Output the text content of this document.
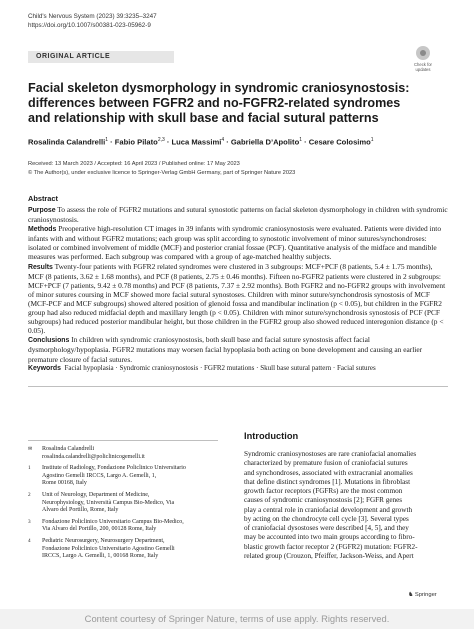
Child's Nervous System (2023) 39:3235–3247
https://doi.org/10.1007/s00381-023-05962-9
ORIGINAL ARTICLE
Check for
updates
Facial skeleton dysmorphology in syndromic craniosynostosis:
differences between FGFR2 and no-FGFR2-related syndromes
and relationship with skull base and facial sutural patterns
Rosalinda Calandrelli$^1$ · Fabio Pilato$^{2,3}$ · Luca Massimi$^4$ · Gabriella D’Apolito$^1$ · Cesare Colosimo$^1$
Received: 13 March 2023 / Accepted: 16 April 2023 / Published online: 17 May 2023
© The Author(s), under exclusive licence to Springer-Verlag GmbH Germany, part of Springer Nature 2023
Abstract

Purpose To assess the role of FGFR2 mutations and sutural synostotic patterns on facial skeleton dysmorphology in children with syndromic craniosynostosis.

Methods Preoperative high-resolution CT images in 39 infants with syndromic craniosynostosis were evaluated. Patients were divided into infants with and without FGFR2 mutations; each group was split according to synostotic involvement of minor sutures/synchondroses: isolated or combined involvement of middle (MCF) and posterior cranial fossae (PCF). Quantitative analysis of the midface and mandible measures was performed. Each subgroup was compared with a group of age-matched healthy subjects.

Results Twenty-four patients with FGFR2 related syndromes were clustered in 3 subgroups: MCF+PCF (8 patients, 5.4 ± 1.75 months), MCF (8 patients, 3.62 ± 1.68 months), and PCF (8 patients, 2.75 ± 0.46 months). Fifteen no-FGFR2 patients were clustered in 2 subgroups: MCF+PCF (7 patients, 9.42 ± 0.78 months) and PCF (8 patients, 7.37 ± 2.92 months). Both FGFR2 and no-FGFR2 groups with involvement of minor sutures coursing in MCF showed more facial sutural synostoses. Children with minor suture/synchondrosis synostosis of MCF (MCF-PCF and MCF subgroups) showed altered position of glenoid fossa and mandibular inclination (p < 0.05), but children in the FGFR2 group had also reduced midfacial depth and maxillary length (p < 0.05). Children with minor suture/synchondrosis synostosis of PCF (PCF subgroups) had reduced posterior mandibular height, but those children in the FGFR2 group also showed reduced interegonion distance (p < 0.05).

Conclusions In children with syndromic craniosynostosis, both skull base and facial suture synostosis affect facial dysmorphology/hypoplasia. FGFR2 mutations may worsen facial hypoplasia both acting on bone development and causing an earlier premature closure of facial sutures.

Keywords Facial hypoplasia · Syndromic craniosynostosis · FGFR2 mutations · Skull base sutural pattern · Facial sutures
✉	Rosalinda Calandrelli
rosalinda.calandrelli@policlinicogemelli.it
1	Institute of Radiology, Fondazione Policlinico Universitario
Agostino Gemelli IRCCS, Largo A. Gemelli, 1,
Rome 00168, Italy
2	Unit of Neurology, Department of Medicine,
Neurophysiology, Università Campus Bio-Medico, Via
Alvaro del Portillo, Rome, Italy
3	Fondazione Policlinico Universitario Campus Bio-Medico,
Via Alvaro del Portillo, 200, 00128 Rome, Italy
4	Pediatric Neurosurgery, Neurosurgery Department,
Fondazione Policlinico Universitario Agostino Gemelli
IRCCS, Largo A. Gemelli, 1, 00168 Rome, Italy
Introduction
Syndromic craniosynostoses are rare craniofacial anomalies
characterized by premature fusion of craniofacial sutures
and synchondroses, associated with extracranial anomalies
that define distinct syndromes [1]. Mutations in fibroblast
growth factor receptors (FGFRs) are the most common
causes of syndromic craniosynostosis [2]; FGFR genes
play a central role in craniofacial development and growth
by acting on the chondrocyte cell cycle [3]. Several types
of craniofacial dysostoses were described [4, 5], and they
may be accounted into two main groups according to fibro-
blastic growth factor receptor 2 (FGFR2) mutation: FGFR2-
related group (Crouzon, Pfeiffer, Jackson-Weiss, and Apert
♞ Springer
Content courtesy of Springer Nature, terms of use apply. Rights reserved.
